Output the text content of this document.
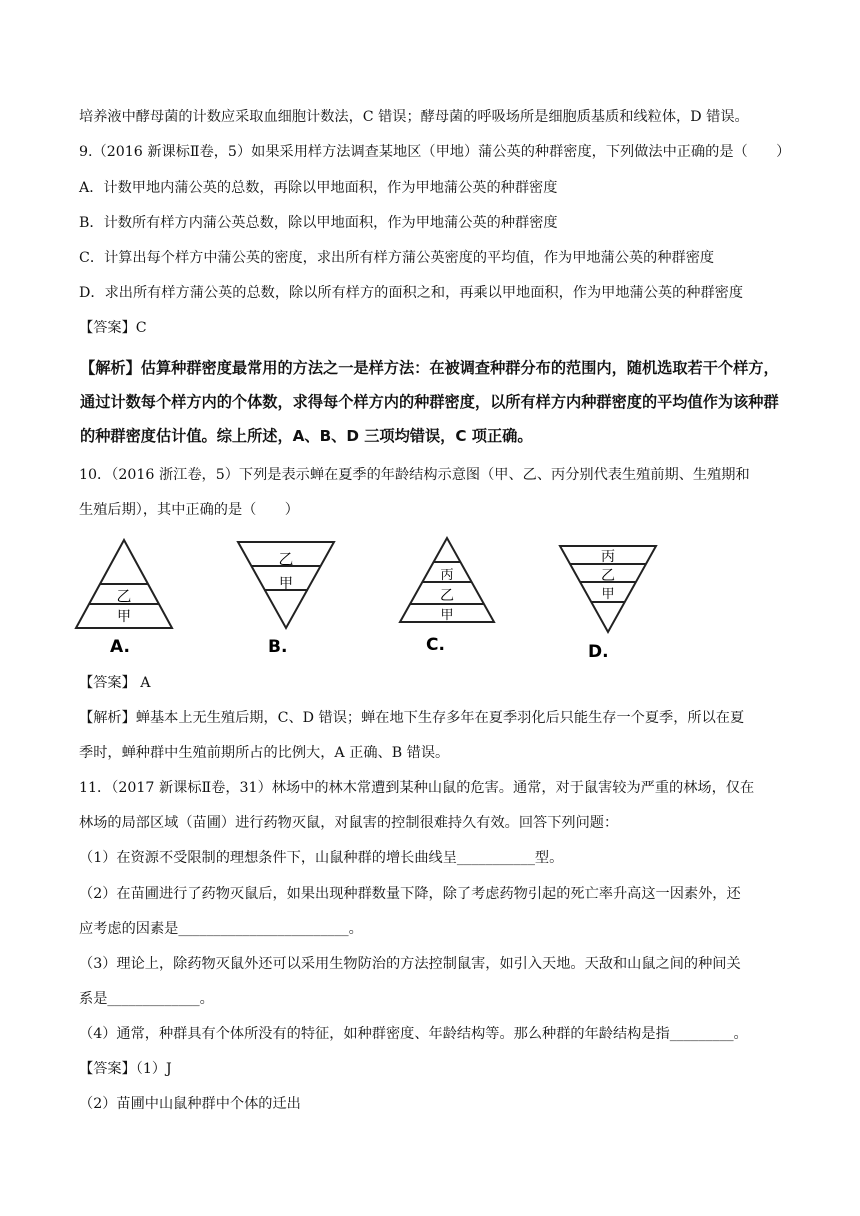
培养液中酵母菌的计数应采取血细胞计数法，C 错误；酵母菌的呼吸场所是细胞质基质和线粒体，D 错误。
9.（2016 新课标Ⅱ卷，5）如果采用样方法调查某地区（甲地）蒲公英的种群密度，下列做法中正确的是（　　）
A．计数甲地内蒲公英的总数，再除以甲地面积，作为甲地蒲公英的种群密度
B．计数所有样方内蒲公英总数，除以甲地面积，作为甲地蒲公英的种群密度
C．计算出每个样方中蒲公英的密度，求出所有样方蒲公英密度的平均值，作为甲地蒲公英的种群密度
D．求出所有样方蒲公英的总数，除以所有样方的面积之和，再乘以甲地面积，作为甲地蒲公英的种群密度
【答案】C
【解析】估算种群密度最常用的方法之一是样方法：在被调查种群分布的范围内，随机选取若干个样方，
通过计数每个样方内的个体数，求得每个样方内的种群密度，以所有样方内种群密度的平均值作为该种群
的种群密度估计值。综上所述，A、B、D 三项均错误，C 项正确。
10．（2016 浙江卷，5）下列是表示蝉在夏季的年龄结构示意图（甲、乙、丙分别代表生殖前期、生殖期和
生殖后期），其中正确的是（　　）
乙
甲
A.
乙
甲
B.
丙
乙
甲
C.
丙
乙
甲
D.
【答案】 A
【解析】蝉基本上无生殖后期，C、D 错误；蝉在地下生存多年在夏季羽化后只能生存一个夏季，所以在夏
季时，蝉种群中生殖前期所占的比例大，A 正确、B 错误。
11．（2017 新课标Ⅱ卷，31）林场中的林木常遭到某种山鼠的危害。通常，对于鼠害较为严重的林场，仅在
林场的局部区域（苗圃）进行药物灭鼠，对鼠害的控制很难持久有效。回答下列问题：
（1）在资源不受限制的理想条件下，山鼠种群的增长曲线呈___________型。
（2）在苗圃进行了药物灭鼠后，如果出现种群数量下降，除了考虑药物引起的死亡率升高这一因素外，还
应考虑的因素是________________________。
（3）理论上，除药物灭鼠外还可以采用生物防治的方法控制鼠害，如引入天地。天敌和山鼠之间的种间关
系是_____________。
（4）通常，种群具有个体所没有的特征，如种群密度、年龄结构等。那么种群的年龄结构是指_________。
【答案】（1）J
（2）苗圃中山鼠种群中个体的迁出
